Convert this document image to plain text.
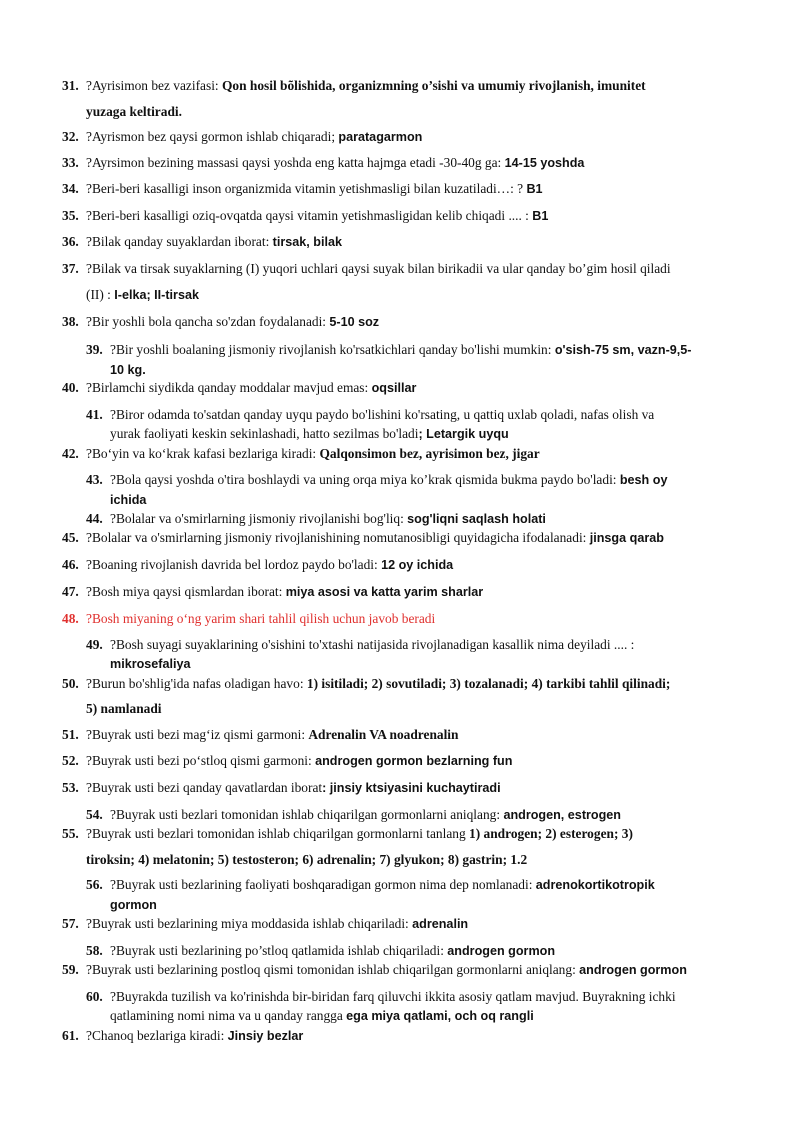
31. ?Ayrisimon bez vazifasi: Qon hosil bõlishida, organizmning o’sishi va umumiy rivojlanish, imunitet
yuzaga keltiradi.
32. ?Ayrismon bez qaysi gormon ishlab chiqaradi; paratagarmon
33. ?Ayrsimon bezining massasi qaysi yoshda eng katta hajmga etadi -30-40g ga: 14-15 yoshda
34. ?Beri-beri kasalligi inson organizmida vitamin yetishmasligi bilan kuzatiladi…: ? B1
35. ?Beri-beri kasalligi oziq-ovqatda qaysi vitamin yetishmasligidan kelib chiqadi .... : B1
36. ?Bilak qanday suyaklardan iborat: tirsak, bilak
37. ?Bilak va tirsak suyaklarning (I) yuqori uchlari qaysi suyak bilan birikadii va ular qanday bo’gim hosil qiladi
(II) : I-elka; II-tirsak
38. ?Bir yoshli bola qancha so'zdan foydalanadi: 5-10 soz
39. ?Bir yoshli boalaning jismoniy rivojlanish ko'rsatkichlari qanday bo'lishi mumkin: o'sish-75 sm, vazn-9,5-
10 kg.
40. ?Birlamchi siydikda qanday moddalar mavjud emas: oqsillar
41. ?Biror odamda to'satdan qanday uyqu paydo bo'lishini ko'rsating, u qattiq uxlab qoladi, nafas olish va
yurak faoliyati keskin sekinlashadi, hatto sezilmas bo'ladi; Letargik uyqu
42. ?Bo‘yin va ko‘krak kafasi bezlariga kiradi: Qalqonsimon bez, ayrisimon bez, jigar
43. ?Bola qaysi yoshda o'tira boshlaydi va uning orqa miya ko’krak qismida bukma paydo bo'ladi: besh oy
ichida
44. ?Bolalar va o'smirlarning jismoniy rivojlanishi bog'liq: sog'liqni saqlash holati
45. ?Bolalar va o'smirlarning jismoniy rivojlanishining nomutanosibligi quyidagicha ifodalanadi: jinsga qarab
46. ?Boaning rivojlanish davrida bel lordoz paydo bo'ladi: 12 oy ichida
47. ?Bosh miya qaysi qismlardan iborat: miya asosi va katta yarim sharlar
48. ?Bosh miyaning o‘ng yarim shari tahlil qilish uchun javob beradi
49. ?Bosh suyagi suyaklarining o'sishini to'xtashi natijasida rivojlanadigan kasallik nima deyiladi .... :
mikrosefaliya
50. ?Burun bo'shlig'ida nafas oladigan havo: 1) isitiladi; 2) sovutiladi; 3) tozalanadi; 4) tarkibi tahlil qilinadi;
5) namlanadi
51. ?Buyrak usti bezi mag‘iz qismi garmoni: Adrenalin VA noadrenalin
52. ?Buyrak usti bezi po‘stloq qismi garmoni: androgen gormon bezlarning fun
53. ?Buyrak usti bezi qanday qavatlardan iborat: jinsiy ktsiyasini kuchaytiradi
54. ?Buyrak usti bezlari tomonidan ishlab chiqarilgan gormonlarni aniqlang: androgen, estrogen
55. ?Buyrak usti bezlari tomonidan ishlab chiqarilgan gormonlarni tanlang 1) androgen; 2) esterogen; 3)
tiroksin; 4) melatonin; 5) testosteron; 6) adrenalin; 7) glyukon; 8) gastrin; 1.2
56. ?Buyrak usti bezlarining faoliyati boshqaradigan gormon nima dep nomlanadi: adrenokortikotropik
gormon
57. ?Buyrak usti bezlarining miya moddasida ishlab chiqariladi: adrenalin
58. ?Buyrak usti bezlarining po’stloq qatlamida ishlab chiqariladi: androgen gormon
59. ?Buyrak usti bezlarining postloq qismi tomonidan ishlab chiqarilgan gormonlarni aniqlang: androgen gormon
60. ?Buyrakda tuzilish va ko'rinishda bir-biridan farq qiluvchi ikkita asosiy qatlam mavjud. Buyrakning ichki
qatlamining nomi nima va u qanday rangga ega miya qatlami, och oq rangli
61. ?Chanoq bezlariga kiradi: Jinsiy bezlar
